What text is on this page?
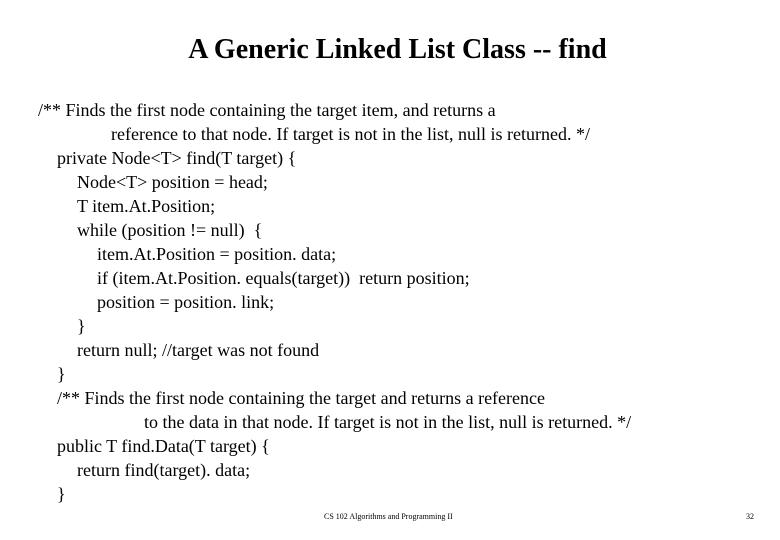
A Generic Linked List Class -- find
/** Finds the first node containing the target item, and returns a
reference to that node. If target is not in the list, null is returned. */
private Node<T> find(T target) {
Node<T> position = head;
T item.At.Position;
while (position != null)  {
item.At.Position = position. data;
if (item.At.Position. equals(target))  return position;
position = position. link;
}
return null; //target was not found
}
/** Finds the first node containing the target and returns a reference
to the data in that node. If target is not in the list, null is returned. */
public T find.Data(T target) {
return find(target). data;
}
CS 102 Algorithms and Programming II	32
